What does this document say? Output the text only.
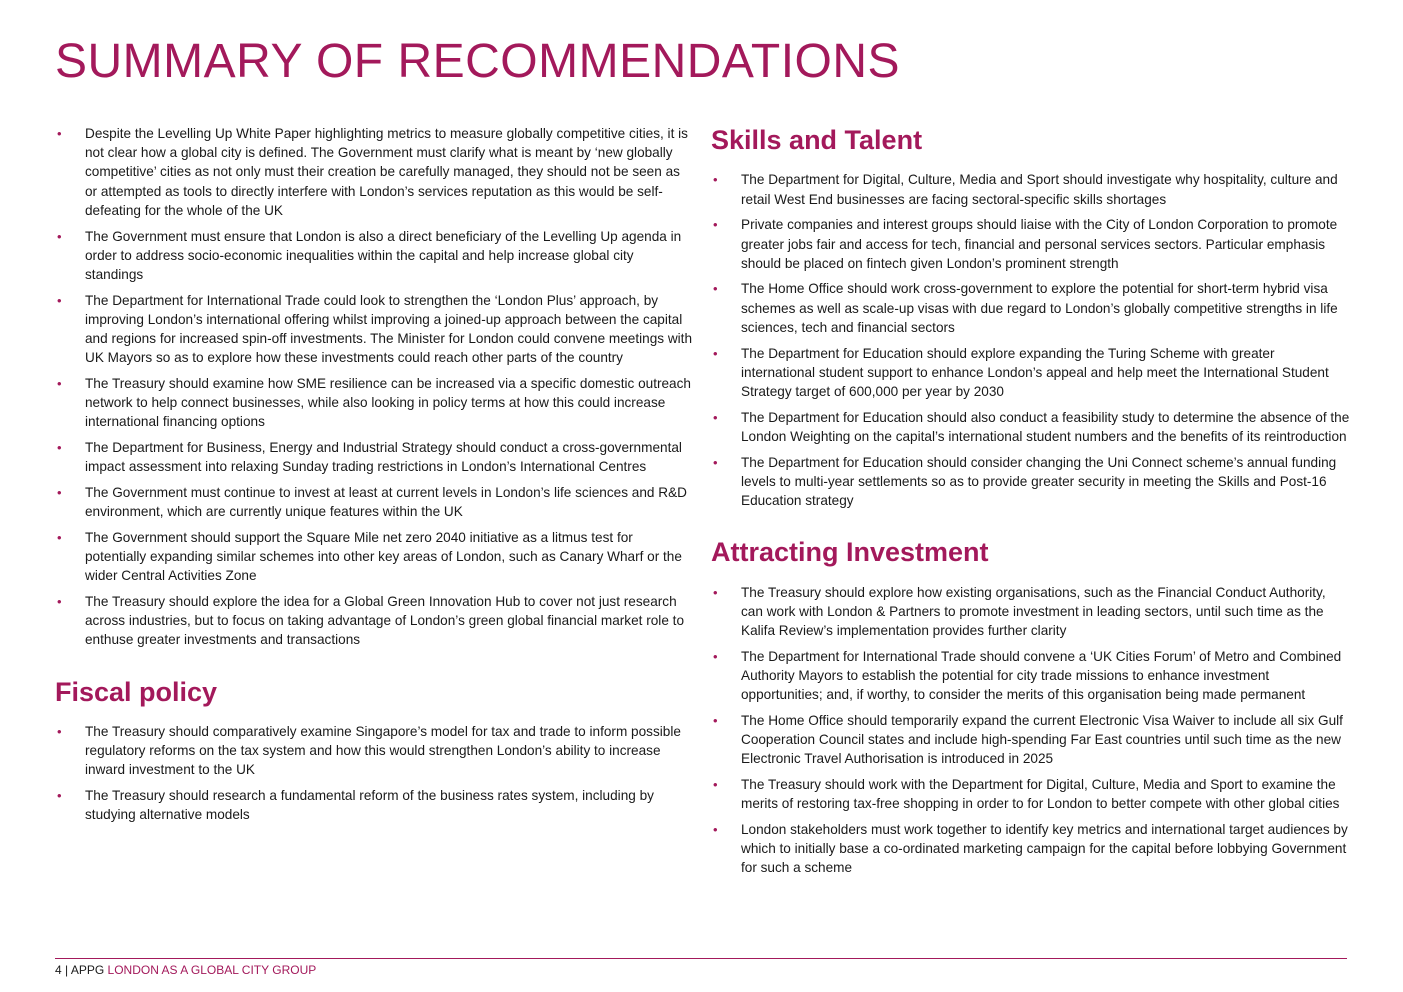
SUMMARY OF RECOMMENDATIONS
• Despite the Levelling Up White Paper highlighting metrics to measure globally competitive cities, it is not clear how a global city is defined. The Government must clarify what is meant by ‘new globally competitive’ cities as not only must their creation be carefully managed, they should not be seen as or attempted as tools to directly interfere with London’s services reputation as this would be self-defeating for the whole of the UK
• The Government must ensure that London is also a direct beneficiary of the Levelling Up agenda in order to address socio-economic inequalities within the capital and help increase global city standings
• The Department for International Trade could look to strengthen the ‘London Plus’ approach, by improving London’s international offering whilst improving a joined-up approach between the capital and regions for increased spin-off investments. The Minister for London could convene meetings with UK Mayors so as to explore how these investments could reach other parts of the country
• The Treasury should examine how SME resilience can be increased via a specific domestic outreach network to help connect businesses, while also looking in policy terms at how this could increase international financing options
• The Department for Business, Energy and Industrial Strategy should conduct a cross-governmental impact assessment into relaxing Sunday trading restrictions in London’s International Centres
• The Government must continue to invest at least at current levels in London’s life sciences and R&D environment, which are currently unique features within the UK
• The Government should support the Square Mile net zero 2040 initiative as a litmus test for potentially expanding similar schemes into other key areas of London, such as Canary Wharf or the wider Central Activities Zone
• The Treasury should explore the idea for a Global Green Innovation Hub to cover not just research across industries, but to focus on taking advantage of London’s green global financial market role to enthuse greater investments and transactions
Fiscal policy
• The Treasury should comparatively examine Singapore’s model for tax and trade to inform possible regulatory reforms on the tax system and how this would strengthen London’s ability to increase inward investment to the UK
• The Treasury should research a fundamental reform of the business rates system, including by studying alternative models
Skills and Talent
• The Department for Digital, Culture, Media and Sport should investigate why hospitality, culture and retail West End businesses are facing sectoral-specific skills shortages
• Private companies and interest groups should liaise with the City of London Corporation to promote greater jobs fair and access for tech, financial and personal services sectors. Particular emphasis should be placed on fintech given London’s prominent strength
• The Home Office should work cross-government to explore the potential for short-term hybrid visa schemes as well as scale-up visas with due regard to London’s globally competitive strengths in life sciences, tech and financial sectors
• The Department for Education should explore expanding the Turing Scheme with greater international student support to enhance London’s appeal and help meet the International Student Strategy target of 600,000 per year by 2030
• The Department for Education should also conduct a feasibility study to determine the absence of the London Weighting on the capital’s international student numbers and the benefits of its reintroduction
• The Department for Education should consider changing the Uni Connect scheme’s annual funding levels to multi-year settlements so as to provide greater security in meeting the Skills and Post-16 Education strategy
Attracting Investment
• The Treasury should explore how existing organisations, such as the Financial Conduct Authority, can work with London & Partners to promote investment in leading sectors, until such time as the Kalifa Review’s implementation provides further clarity
• The Department for International Trade should convene a ‘UK Cities Forum’ of Metro and Combined Authority Mayors to establish the potential for city trade missions to enhance investment opportunities; and, if worthy, to consider the merits of this organisation being made permanent
• The Home Office should temporarily expand the current Electronic Visa Waiver to include all six Gulf Cooperation Council states and include high-spending Far East countries until such time as the new Electronic Travel Authorisation is introduced in 2025
• The Treasury should work with the Department for Digital, Culture, Media and Sport to examine the merits of restoring tax-free shopping in order to for London to better compete with other global cities
• London stakeholders must work together to identify key metrics and international target audiences by which to initially base a co-ordinated marketing campaign for the capital before lobbying Government for such a scheme
4 | APPG LONDON AS A GLOBAL CITY GROUP
